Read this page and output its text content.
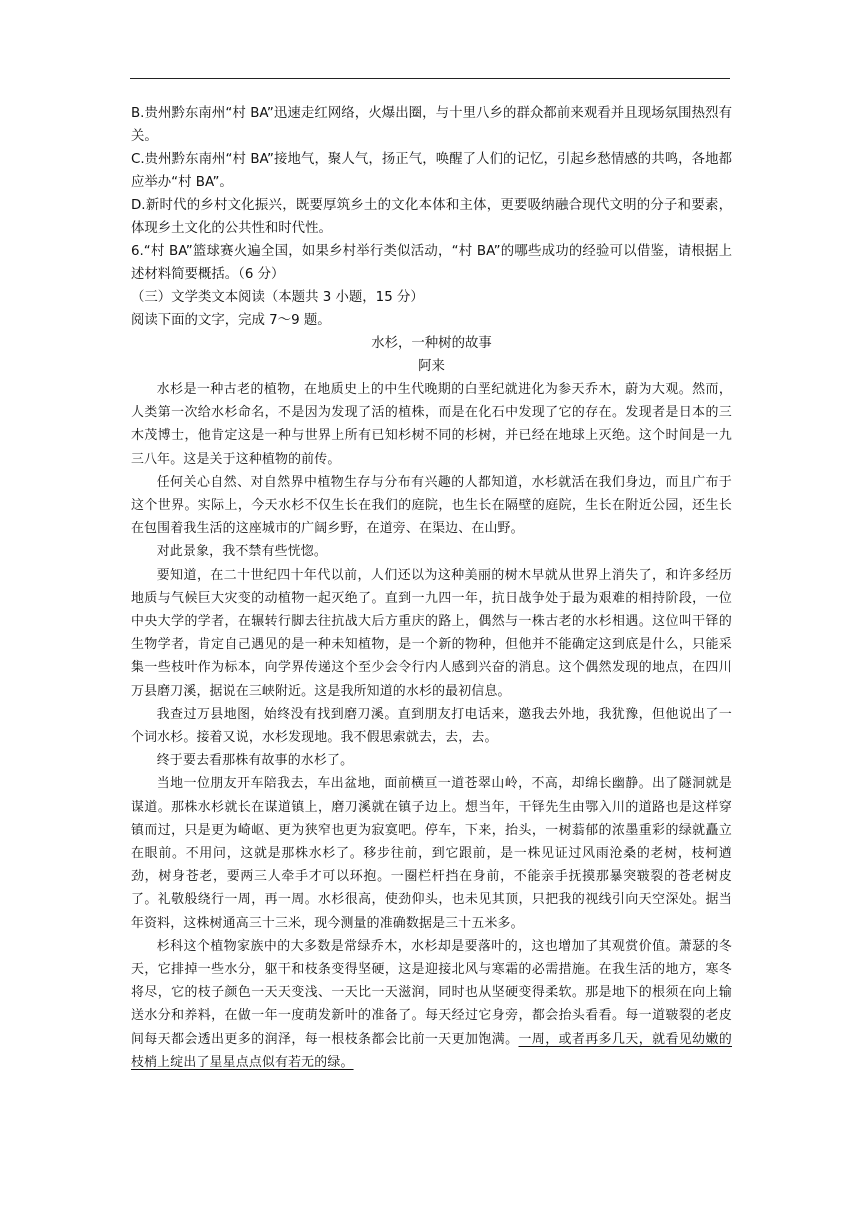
B.贵州黔东南州“村 BA”迅速走红网络，火爆出圈，与十里八乡的群众都前来观看并且现场氛围热烈有关。

C.贵州黔东南州“村 BA”接地气，聚人气，扬正气，唤醒了人们的记忆，引起乡愁情感的共鸣，各地都应举办“村 BA”。

D.新时代的乡村文化振兴，既要厚筑乡土的文化本体和主体，更要吸纳融合现代文明的分子和要素，体现乡土文化的公共性和时代性。

6.“村 BA”篮球赛火遍全国，如果乡村举行类似活动，“村 BA”的哪些成功的经验可以借鉴，请根据上述材料简要概括。（6 分）

（三）文学类文本阅读（本题共 3 小题，15 分）

阅读下面的文字，完成 7～9 题。

水杉，一种树的故事

阿来

水杉是一种古老的植物，在地质史上的中生代晚期的白垩纪就进化为参天乔木，蔚为大观。然而，人类第一次给水杉命名，不是因为发现了活的植株，而是在化石中发现了它的存在。发现者是日本的三木茂博士，他肯定这是一种与世界上所有已知杉树不同的杉树，并已经在地球上灭绝。这个时间是一九三八年。这是关于这种植物的前传。

任何关心自然、对自然界中植物生存与分布有兴趣的人都知道，水杉就活在我们身边，而且广布于这个世界。实际上，今天水杉不仅生长在我们的庭院，也生长在隔壁的庭院，生长在附近公园，还生长在包围着我生活的这座城市的广阔乡野，在道旁、在渠边、在山野。

对此景象，我不禁有些恍惚。

要知道，在二十世纪四十年代以前，人们还以为这种美丽的树木早就从世界上消失了，和许多经历地质与气候巨大灾变的动植物一起灭绝了。直到一九四一年，抗日战争处于最为艰难的相持阶段，一位中央大学的学者，在辗转行脚去往抗战大后方重庆的路上，偶然与一株古老的水杉相遇。这位叫干铎的生物学者，肯定自己遇见的是一种未知植物，是一个新的物种，但他并不能确定这到底是什么，只能采集一些枝叶作为标本，向学界传递这个至少会令行内人感到兴奋的消息。这个偶然发现的地点，在四川万县磨刀溪，据说在三峡附近。这是我所知道的水杉的最初信息。

我查过万县地图，始终没有找到磨刀溪。直到朋友打电话来，邀我去外地，我犹豫，但他说出了一个词水杉。接着又说，水杉发现地。我不假思索就去，去，去。

终于要去看那株有故事的水杉了。

当地一位朋友开车陪我去，车出盆地，面前横亘一道苍翠山岭，不高，却绵长幽静。出了隧洞就是谋道。那株水杉就长在谋道镇上，磨刀溪就在镇子边上。想当年，干铎先生由鄂入川的道路也是这样穿镇而过，只是更为崎岖、更为狭窄也更为寂寞吧。停车，下来，抬头，一树蓊郁的浓墨重彩的绿就矗立在眼前。不用问，这就是那株水杉了。移步往前，到它跟前，是一株见证过风雨沧桑的老树，枝柯遒劲，树身苍老，要两三人牵手才可以环抱。一圈栏杆挡在身前，不能亲手抚摸那暴突皲裂的苍老树皮了。礼敬般绕行一周，再一周。水杉很高，使劲仰头，也未见其顶，只把我的视线引向天空深处。据当年资料，这株树通高三十三米，现今测量的准确数据是三十五米多。

杉科这个植物家族中的大多数是常绿乔木，水杉却是要落叶的，这也增加了其观赏价值。萧瑟的冬天，它排掉一些水分，躯干和枝条变得坚硬，这是迎接北风与寒霜的必需措施。在我生活的地方，寒冬将尽，它的枝子颜色一天天变浅、一天比一天滋润，同时也从坚硬变得柔软。那是地下的根须在向上输送水分和养料，在做一年一度萌发新叶的准备了。每天经过它身旁，都会抬头看看。每一道皲裂的老皮间每天都会透出更多的润泽，每一根枝条都会比前一天更加饱满。一周，或者再多几天，就看见幼嫩的枝梢上绽出了星星点点似有若无的绿。
